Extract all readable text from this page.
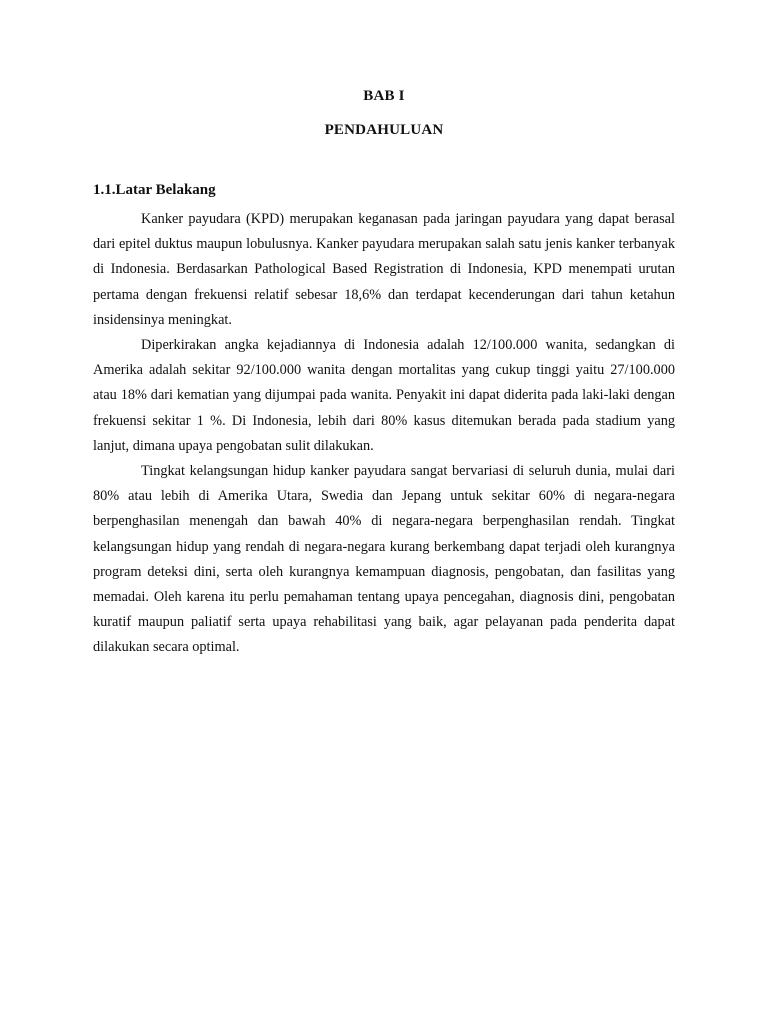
BAB I
PENDAHULUAN
1.1.Latar Belakang

Kanker payudara (KPD) merupakan keganasan pada jaringan payudara yang dapat berasal dari epitel duktus maupun lobulusnya. Kanker payudara merupakan salah satu jenis kanker terbanyak di Indonesia. Berdasarkan Pathological Based Registration di Indonesia, KPD menempati urutan pertama dengan frekuensi relatif sebesar 18,6% dan terdapat kecenderungan dari tahun ketahun insidensinya meningkat.

Diperkirakan angka kejadiannya di Indonesia adalah 12/100.000 wanita, sedangkan di Amerika adalah sekitar 92/100.000 wanita dengan mortalitas yang cukup tinggi yaitu 27/100.000 atau 18% dari kematian yang dijumpai pada wanita. Penyakit ini dapat diderita pada laki-laki dengan frekuensi sekitar 1 %. Di Indonesia, lebih dari 80% kasus ditemukan berada pada stadium yang lanjut, dimana upaya pengobatan sulit dilakukan.

Tingkat kelangsungan hidup kanker payudara sangat bervariasi di seluruh dunia, mulai dari 80% atau lebih di Amerika Utara, Swedia dan Jepang untuk sekitar 60% di negara-negara berpenghasilan menengah dan bawah 40% di negara-negara berpenghasilan rendah. Tingkat kelangsungan hidup yang rendah di negara-negara kurang berkembang dapat terjadi oleh kurangnya program deteksi dini, serta oleh kurangnya kemampuan diagnosis, pengobatan, dan fasilitas yang memadai. Oleh karena itu perlu pemahaman tentang upaya pencegahan, diagnosis dini, pengobatan kuratif maupun paliatif serta upaya rehabilitasi yang baik, agar pelayanan pada penderita dapat dilakukan secara optimal.
